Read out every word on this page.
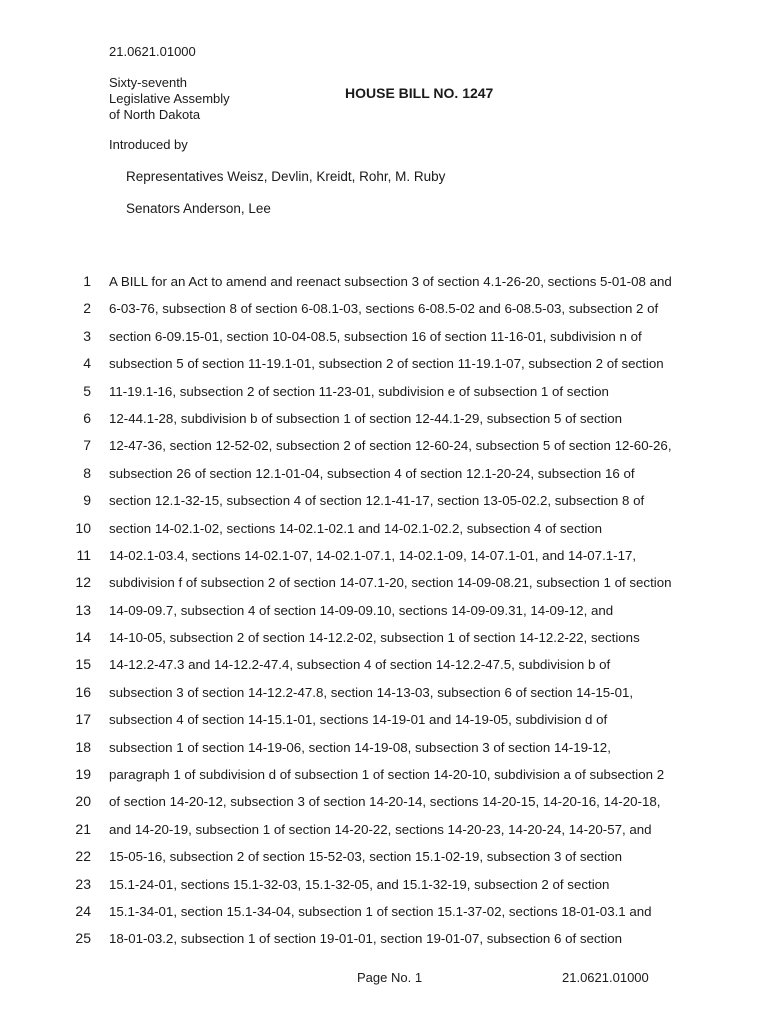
21.0621.01000
Sixty-seventh
Legislative Assembly
of North Dakota
HOUSE BILL NO. 1247
Introduced by
Representatives Weisz, Devlin, Kreidt, Rohr, M. Ruby
Senators Anderson, Lee
1 A BILL for an Act to amend and reenact subsection 3 of section 4.1-26-20, sections 5-01-08 and
2 6-03-76, subsection 8 of section 6-08.1-03, sections 6-08.5-02 and 6-08.5-03, subsection 2 of
3 section 6-09.15-01, section 10-04-08.5, subsection 16 of section 11-16-01, subdivision n of
4 subsection 5 of section 11-19.1-01, subsection 2 of section 11-19.1-07, subsection 2 of section
5 11-19.1-16, subsection 2 of section 11-23-01, subdivision e of subsection 1 of section
6 12-44.1-28, subdivision b of subsection 1 of section 12-44.1-29, subsection 5 of section
7 12-47-36, section 12-52-02, subsection 2 of section 12-60-24, subsection 5 of section 12-60-26,
8 subsection 26 of section 12.1-01-04, subsection 4 of section 12.1-20-24, subsection 16 of
9 section 12.1-32-15, subsection 4 of section 12.1-41-17, section 13-05-02.2, subsection 8 of
10 section 14-02.1-02, sections 14-02.1-02.1 and 14-02.1-02.2, subsection 4 of section
11 14-02.1-03.4, sections 14-02.1-07, 14-02.1-07.1, 14-02.1-09, 14-07.1-01, and 14-07.1-17,
12 subdivision f of subsection 2 of section 14-07.1-20, section 14-09-08.21, subsection 1 of section
13 14-09-09.7, subsection 4 of section 14-09-09.10, sections 14-09-09.31, 14-09-12, and
14 14-10-05, subsection 2 of section 14-12.2-02, subsection 1 of section 14-12.2-22, sections
15 14-12.2-47.3 and 14-12.2-47.4, subsection 4 of section 14-12.2-47.5, subdivision b of
16 subsection 3 of section 14-12.2-47.8, section 14-13-03, subsection 6 of section 14-15-01,
17 subsection 4 of section 14-15.1-01, sections 14-19-01 and 14-19-05, subdivision d of
18 subsection 1 of section 14-19-06, section 14-19-08, subsection 3 of section 14-19-12,
19 paragraph 1 of subdivision d of subsection 1 of section 14-20-10, subdivision a of subsection 2
20 of section 14-20-12, subsection 3 of section 14-20-14, sections 14-20-15, 14-20-16, 14-20-18,
21 and 14-20-19, subsection 1 of section 14-20-22, sections 14-20-23, 14-20-24, 14-20-57, and
22 15-05-16, subsection 2 of section 15-52-03, section 15.1-02-19, subsection 3 of section
23 15.1-24-01, sections 15.1-32-03, 15.1-32-05, and 15.1-32-19, subsection 2 of section
24 15.1-34-01, section 15.1-34-04, subsection 1 of section 15.1-37-02, sections 18-01-03.1 and
25 18-01-03.2, subsection 1 of section 19-01-01, section 19-01-07, subsection 6 of section
Page No. 1	21.0621.01000
